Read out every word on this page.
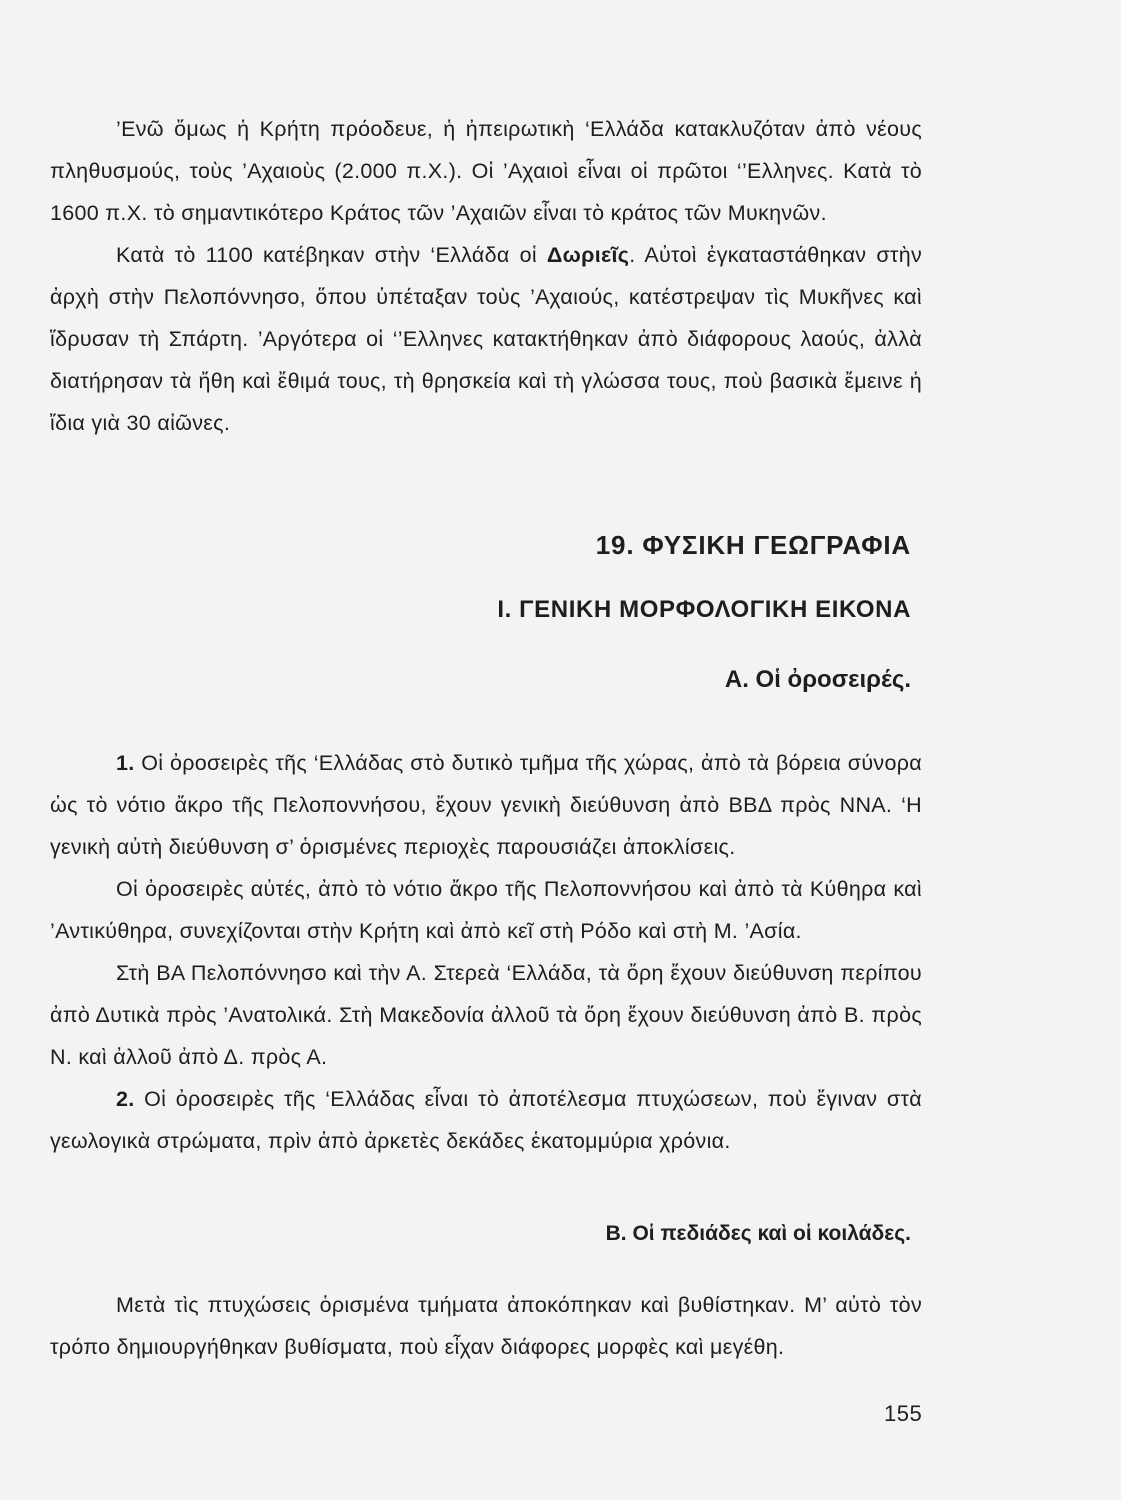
’Ενῶ ὅμως ἡ Κρήτη πρόοδευε, ἡ ἠπειρωτικὴ ‘Ελλάδα κατακλυζόταν ἀπὸ νέους πληθυσμούς, τοὺς ’Αχαιοὺς (2.000 π.Χ.). Οἱ ’Αχαιοὶ εἶναι οἱ πρῶτοι ‘’Ελληνες. Κατὰ τὸ 1600 π.Χ. τὸ σημαντικότερο Κράτος τῶν ’Αχαιῶν εἶναι τὸ κράτος τῶν Μυκηνῶν.

Κατὰ τὸ 1100 κατέβηκαν στὴν ‘Ελλάδα οἱ Δωριεῖς. Αὐτοὶ ἐγκαταστάθηκαν στὴν ἀρχὴ στὴν Πελοπόννησο, ὅπου ὑπέταξαν τοὺς ’Αχαιούς, κατέστρεψαν τὶς Μυκῆνες καὶ ἵδρυσαν τὴ Σπάρτη. ’Αργότερα οἱ ‘’Ελληνες κατακτήθηκαν ἀπὸ διάφορους λαούς, ἀλλὰ διατήρησαν τὰ ἤθη καὶ ἔθιμά τους, τὴ θρησκεία καὶ τὴ γλώσσα τους, ποὺ βασικὰ ἔμεινε ἡ ἴδια γιὰ 30 αἰῶνες.

19. ΦΥΣΙΚΗ ΓΕΩΓΡΑΦΙΑ
Ι. ΓΕΝΙΚΗ ΜΟΡΦΟΛΟΓΙΚΗ ΕΙΚΟΝΑ
Α. Οἱ ὀροσειρές.

1. Οἱ ὀροσειρὲς τῆς ‘Ελλάδας στὸ δυτικὸ τμῆμα τῆς χώρας, ἀπὸ τὰ βόρεια σύνορα ὡς τὸ νότιο ἄκρο τῆς Πελοποννήσου, ἔχουν γενικὴ διεύθυνση ἀπὸ ΒΒΔ πρὸς ΝΝΑ. ‘Η γενικὴ αὐτὴ διεύθυνση σ’ ὁρισμένες περιοχὲς παρουσιάζει ἀποκλίσεις.

Οἱ ὀροσειρὲς αὐτές, ἀπὸ τὸ νότιο ἄκρο τῆς Πελοποννήσου καὶ ἀπὸ τὰ Κύθηρα καὶ ’Αντικύθηρα, συνεχίζονται στὴν Κρήτη καὶ ἀπὸ κεῖ στὴ Ρόδο καὶ στὴ Μ. ’Ασία.

Στὴ ΒΑ Πελοπόννησο καὶ τὴν Α. Στερεὰ ‘Ελλάδα, τὰ ὄρη ἔχουν διεύθυνση περίπου ἀπὸ Δυτικὰ πρὸς ’Ανατολικά. Στὴ Μακεδονία ἀλλοῦ τὰ ὄρη ἔχουν διεύθυνση ἀπὸ Β. πρὸς Ν. καὶ ἀλλοῦ ἀπὸ Δ. πρὸς Α.

2. Οἱ ὀροσειρὲς τῆς ‘Ελλάδας εἶναι τὸ ἀποτέλεσμα πτυχώσεων, ποὺ ἔγιναν στὰ γεωλογικὰ στρώματα, πρὶν ἀπὸ ἀρκετὲς δεκάδες ἑκατομμύρια χρόνια.

Β. Οἱ πεδιάδες καὶ οἱ κοιλάδες.

Μετὰ τὶς πτυχώσεις ὁρισμένα τμήματα ἀποκόπηκαν καὶ βυθίστηκαν. Μ’ αὐτὸ τὸν τρόπο δημιουργήθηκαν βυθίσματα, ποὺ εἶχαν διάφορες μορφὲς καὶ μεγέθη.

155
